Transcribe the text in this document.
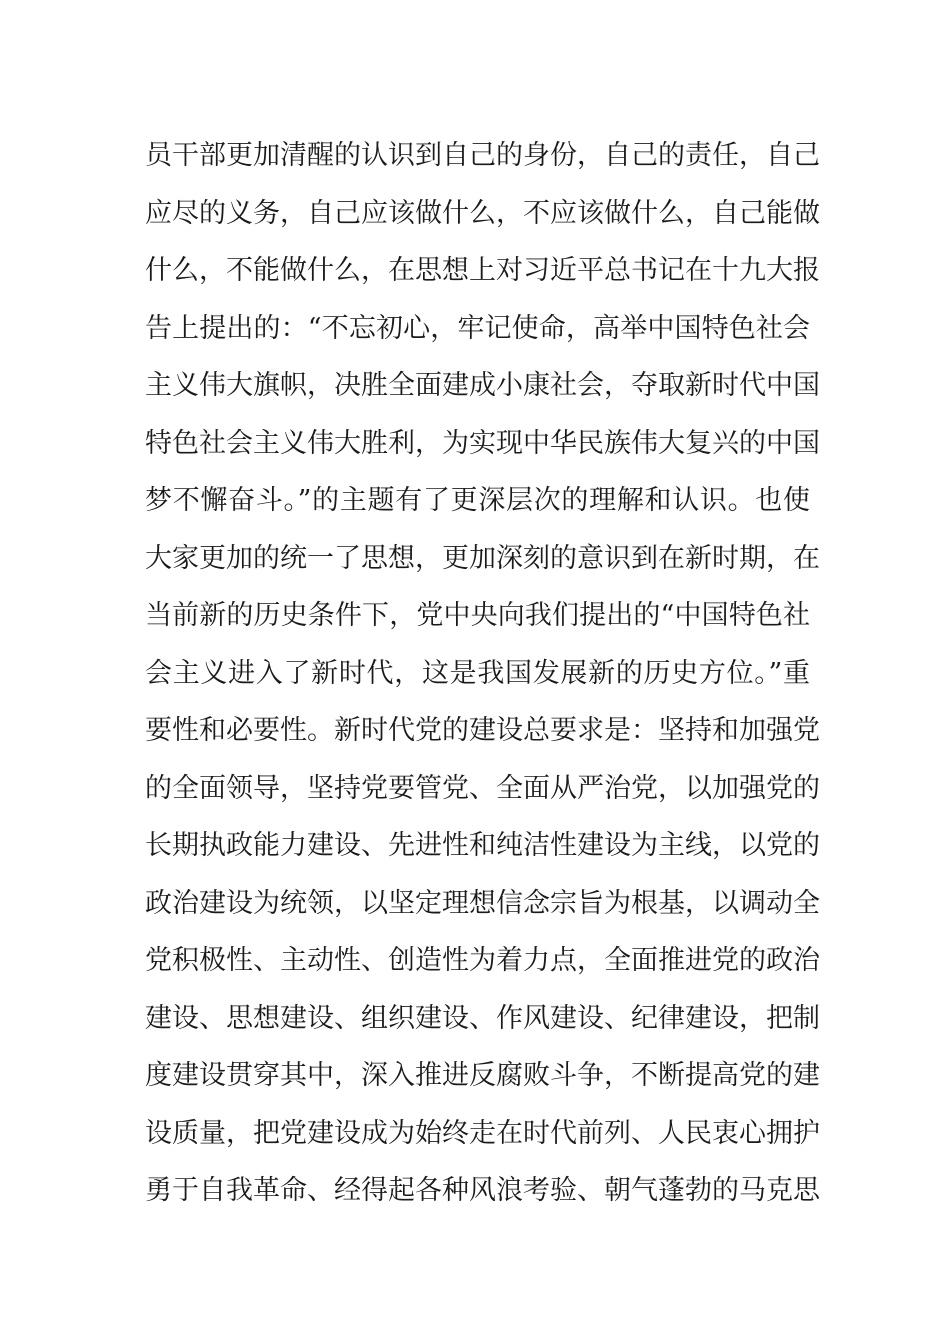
员干部更加清醒的认识到自己的身份，自己的责任，自己
应尽的义务，自己应该做什么，不应该做什么，自己能做
什么，不能做什么，在思想上对习近平总书记在十九大报
告上提出的：“不忘初心，牢记使命，高举中国特色社会
主义伟大旗帜，决胜全面建成小康社会，夺取新时代中国
特色社会主义伟大胜利，为实现中华民族伟大复兴的中国
梦不懈奋斗。”的主题有了更深层次的理解和认识。也使
大家更加的统一了思想，更加深刻的意识到在新时期，在
当前新的历史条件下，党中央向我们提出的“中国特色社
会主义进入了新时代，这是我国发展新的历史方位。”重
要性和必要性。新时代党的建设总要求是：坚持和加强党
的全面领导，坚持党要管党、全面从严治党，以加强党的
长期执政能力建设、先进性和纯洁性建设为主线，以党的
政治建设为统领，以坚定理想信念宗旨为根基，以调动全
党积极性、主动性、创造性为着力点，全面推进党的政治
建设、思想建设、组织建设、作风建设、纪律建设，把制
度建设贯穿其中，深入推进反腐败斗争，不断提高党的建
设质量，把党建设成为始终走在时代前列、人民衷心拥护
勇于自我革命、经得起各种风浪考验、朝气蓬勃的马克思
